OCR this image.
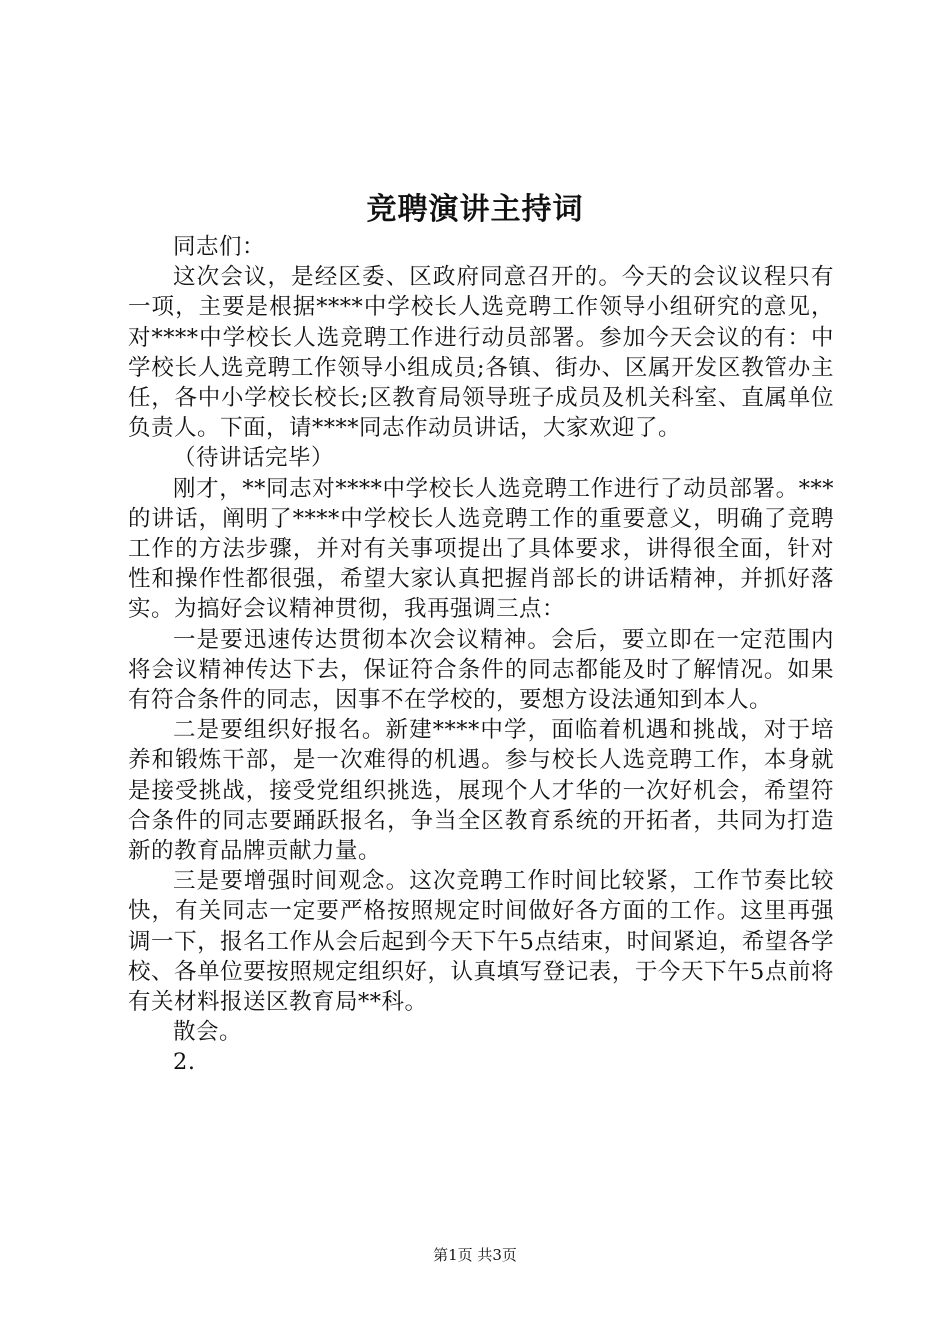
竞聘演讲主持词

同志们：

这次会议，是经区委、区政府同意召开的。今天的会议议程只有一项，主要是根据****中学校长人选竞聘工作领导小组研究的意见，对****中学校长人选竞聘工作进行动员部署。参加今天会议的有：中学校长人选竞聘工作领导小组成员;各镇、街办、区属开发区教管办主任，各中小学校长校长;区教育局领导班子成员及机关科室、直属单位负责人。下面，请****同志作动员讲话，大家欢迎了。

（待讲话完毕）

刚才，**同志对****中学校长人选竞聘工作进行了动员部署。***的讲话，阐明了****中学校长人选竞聘工作的重要意义，明确了竞聘工作的方法步骤，并对有关事项提出了具体要求，讲得很全面，针对性和操作性都很强，希望大家认真把握肖部长的讲话精神，并抓好落实。为搞好会议精神贯彻，我再强调三点：

一是要迅速传达贯彻本次会议精神。会后，要立即在一定范围内将会议精神传达下去，保证符合条件的同志都能及时了解情况。如果有符合条件的同志，因事不在学校的，要想方设法通知到本人。

二是要组织好报名。新建****中学，面临着机遇和挑战，对于培养和锻炼干部，是一次难得的机遇。参与校长人选竞聘工作，本身就是接受挑战，接受党组织挑选，展现个人才华的一次好机会，希望符合条件的同志要踊跃报名，争当全区教育系统的开拓者，共同为打造新的教育品牌贡献力量。

三是要增强时间观念。这次竞聘工作时间比较紧，工作节奏比较快，有关同志一定要严格按照规定时间做好各方面的工作。这里再强调一下，报名工作从会后起到今天下午5点结束，时间紧迫，希望各学校、各单位要按照规定组织好，认真填写登记表，于今天下午5点前将有关材料报送区教育局**科。

散会。

2.

第1页 共3页
